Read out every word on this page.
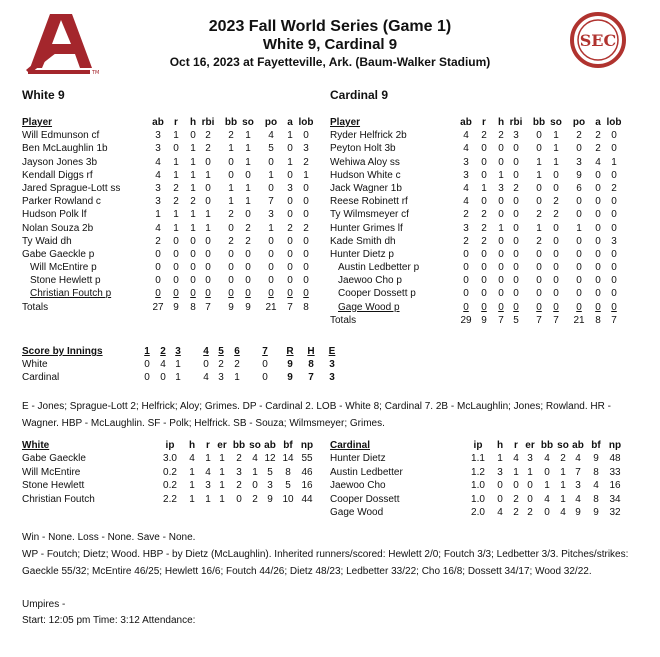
TM
SEC
2023 Fall World Series (Game 1)
White 9, Cardinal 9
Oct 16, 2023 at Fayetteville, Ark. (Baum-Walker Stadium)
White 9	Cardinal 9
Player	ab	r	h rbi	bb so	po	a lob
Will Edmunson cf	3	1	0 2	2	1	4	1	0
Ben McLaughlin 1b	3	0	1 2	1	1	5	0	3
Jayson Jones 3b	4	1	1 0	0	1	0	1	2
Kendall Diggs rf	4	1	1 1	0	0	1	0	1
Jared Sprague-Lott ss	3	2	1 0	1	1	0	3	0
Parker Rowland c	3	2	2 0	1	1	7	0	0
Hudson Polk lf	1	1	1 1	2	0	3	0	0
Nolan Souza 2b	4	1	1 1	0	2	1	2	2
Ty Waid dh	2	0	0 0	2	2	0	0	0
Gabe Gaeckle p	0	0	0 0	0	0	0	0	0
Will McEntire p	0	0	0 0	0	0	0	0	0
Stone Hewlett p	0	0	0 0	0	0	0	0	0
Christian Foutch p	0	0	0 0	0	0	0	0	0
Totals	27 9	8 7	9	9	21	7	8
Player	ab	r	h rbi	bb so	po	a lob
Ryder Helfrick 2b	4	2	2 3	0	1	2	2	0
Peyton Holt 3b	4	0	0 0	0	1	0	2	0
Wehiwa Aloy ss	3	0	0 0	1	1	3	4	1
Hudson White c	3	0	1 0	1	0	9	0	0
Jack Wagner 1b	4	1	3 2	0	0	6	0	2
Reese Robinett rf	4	0	0 0	0	2	0	0	0
Ty Wilmsmeyer cf	2	2	0 0	2	2	0	0	0
Hunter Grimes lf	3	2	1 0	1	0	1	0	0
Kade Smith dh	2	2	0 0	2	0	0	0	3
Hunter Dietz p	0	0	0 0	0	0	0	0	0
Austin Ledbetter p	0	0	0 0	0	0	0	0	0
Jaewoo Cho p	0	0	0 0	0	0	0	0	0
Cooper Dossett p	0	0	0 0	0	0	0	0	0
Gage Wood p	0	0	0 0	0	0	0	0	0
Totals	29 9	7 5	7	7	21	8	7
Score by Innings	1	2 3	4 5	6	7	R	H	E
White	0	4 1	0 2	2	0	9	8	3
Cardinal	0	0 1	4 3	1	0	9	7	3
E - Jones; Sprague-Lott 2; Helfrick; Aloy; Grimes. DP - Cardinal 2. LOB - White 8; Cardinal 7. 2B - McLaughlin; Jones; Rowland. HR - Wagner. HBP - McLaughlin. SF - Polk; Helfrick. SB - Souza; Wilmsmeyer; Grimes.
White	ip	h	r er bb so ab bf np
Gabe Gaeckle	3.0	4	1 1	2	4 12 14 55
Will McEntire	0.2	1	4 1	3	1 5	8	46
Stone Hewlett	0.2	1	3 1	2	0 3	5	16
Christian Foutch	2.2	1	1 1	0	2 9 10 44
Cardinal	ip	h	r er bb so ab bf np
Hunter Dietz	1.1	1	4 3	4	2 4	9	48
Austin Ledbetter	1.2	3	1 1	0	1 7	8	33
Jaewoo Cho	1.0	0	0 0	1	1 3	4	16
Cooper Dossett	1.0	0	2 0	4	1 4	8	34
Gage Wood	2.0	4	2 2	0	4 9	9	32
Win - None. Loss - None. Save - None.
WP - Foutch; Dietz; Wood. HBP - by Dietz (McLaughlin). Inherited runners/scored: Hewlett 2/0; Foutch 3/3; Ledbetter 3/3. Pitches/strikes: Gaeckle 55/32; McEntire 46/25; Hewlett 16/6; Foutch 44/26; Dietz 48/23; Ledbetter 33/22; Cho 16/8; Dossett 34/17; Wood 32/22.
Umpires -
Start: 12:05 pm Time: 3:12 Attendance:
